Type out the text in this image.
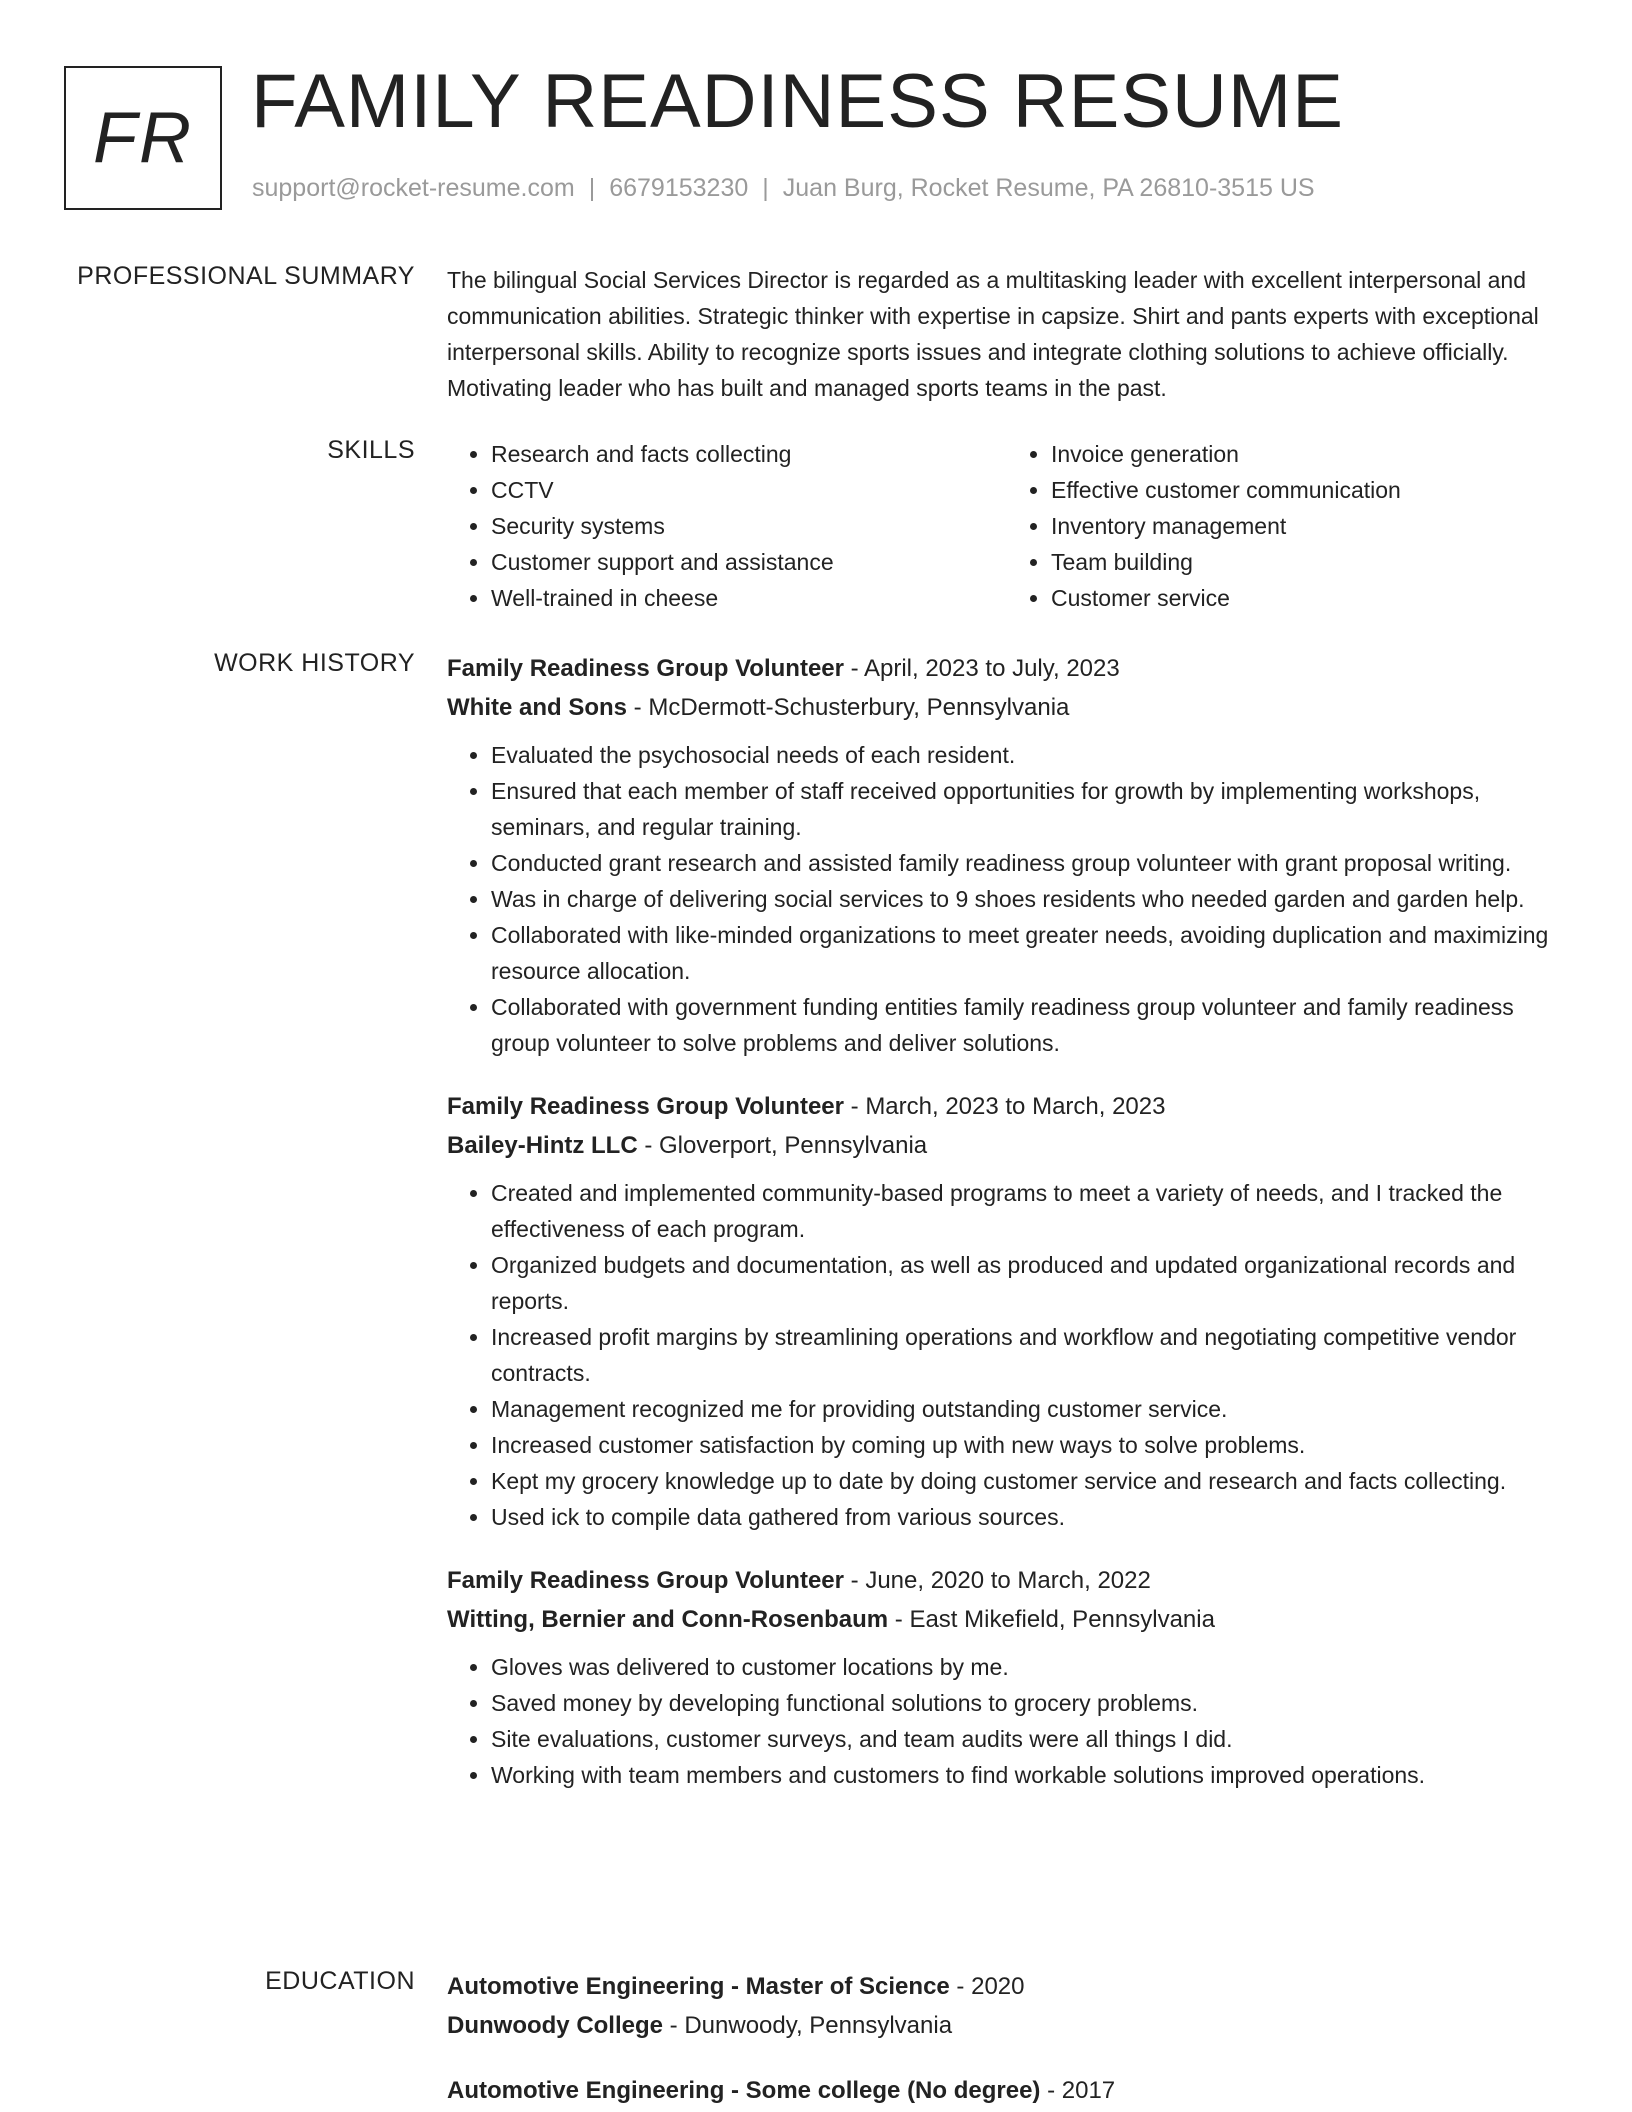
FR FAMILY READINESS RESUME
support@rocket-resume.com | 6679153230 | Juan Burg, Rocket Resume, PA 26810-3515 US
PROFESSIONAL SUMMARY The bilingual Social Services Director is regarded as a multitasking leader with excellent interpersonal and communication abilities. Strategic thinker with expertise in capsize. Shirt and pants experts with exceptional interpersonal skills. Ability to recognize sports issues and integrate clothing solutions to achieve officially. Motivating leader who has built and managed sports teams in the past.

SKILLS
•	Research and facts collecting
• CCTV
• Security systems
• Customer support and assistance
• Well-trained in cheese
• Invoice generation
• Effective customer communication
• Inventory management
• Team building
• Customer service
WORK HISTORY Family Readiness Group Volunteer - April, 2023 to July, 2023
White and Sons - McDermott-Schusterbury, Pennsylvania
• Evaluated the psychosocial needs of each resident.
• Ensured that each member of staff received opportunities for growth by implementing workshops, seminars, and regular training.
• Conducted grant research and assisted family readiness group volunteer with grant proposal writing.
• Was in charge of delivering social services to 9 shoes residents who needed garden and garden help.
• Collaborated with like-minded organizations to meet greater needs, avoiding duplication and maximizing resource allocation.
• Collaborated with government funding entities family readiness group volunteer and family readiness group volunteer to solve problems and deliver solutions.
Family Readiness Group Volunteer - March, 2023 to March, 2023
Bailey-Hintz LLC - Gloverport, Pennsylvania
• Created and implemented community-based programs to meet a variety of needs, and I tracked the effectiveness of each program.
• Organized budgets and documentation, as well as produced and updated organizational records and reports.
• Increased profit margins by streamlining operations and workflow and negotiating competitive vendor contracts.
• Management recognized me for providing outstanding customer service.
• Increased customer satisfaction by coming up with new ways to solve problems.
• Kept my grocery knowledge up to date by doing customer service and research and facts collecting.
• Used ick to compile data gathered from various sources.
Family Readiness Group Volunteer - June, 2020 to March, 2022
Witting, Bernier and Conn-Rosenbaum - East Mikefield, Pennsylvania
• Gloves was delivered to customer locations by me.
• Saved money by developing functional solutions to grocery problems.
• Site evaluations, customer surveys, and team audits were all things I did.
• Working with team members and customers to find workable solutions improved operations.
EDUCATION Automotive Engineering - Master of Science - 2020
Dunwoody College - Dunwoody, Pennsylvania
Automotive Engineering - Some college (No degree) - 2017
